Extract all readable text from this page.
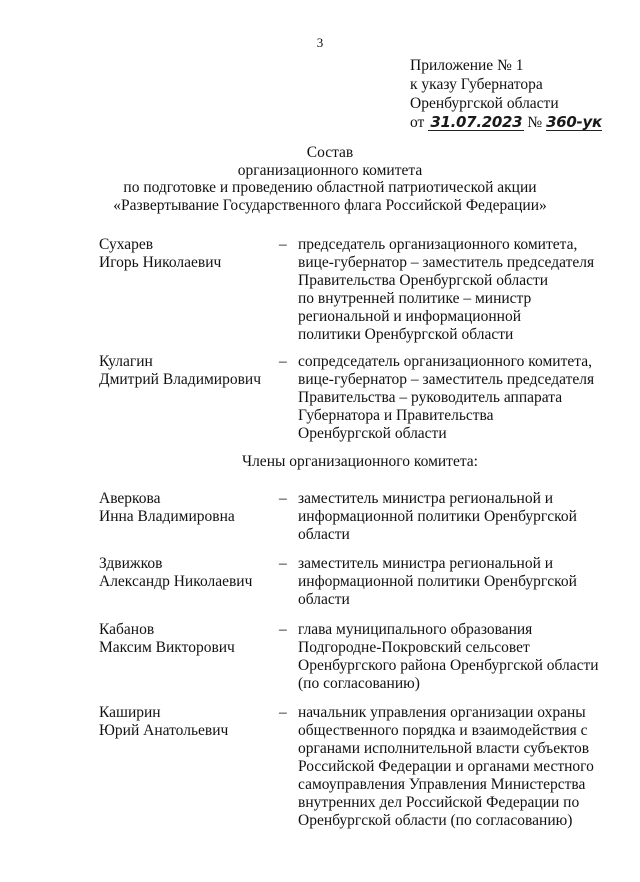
3
Приложение № 1
к указу Губернатора
Оренбургской области
от 31.07.2023 № 360-ук
Состав
организационного комитета
по подготовке и проведению областной патриотической акции
«Развертывание Государственного флага Российской Федерации»
Сухарев
Игорь Николаевич
– председатель организационного комитета,
вице-губернатор – заместитель председателя
Правительства Оренбургской области
по внутренней политике – министр
региональной и информационной
политики Оренбургской области
Кулагин
Дмитрий Владимирович
– сопредседатель организационного комитета,
вице-губернатор – заместитель председателя
Правительства – руководитель аппарата
Губернатора и Правительства
Оренбургской области
Члены организационного комитета:
Аверкова
Инна Владимировна
– заместитель министра региональной и
информационной политики Оренбургской
области
Здвижков
Александр Николаевич
– заместитель министра региональной и
информационной политики Оренбургской
области
Кабанов
Максим Викторович
– глава муниципального образования
Подгородне-Покровский сельсовет
Оренбургского района Оренбургской области
(по согласованию)
Каширин
Юрий Анатольевич
– начальник управления организации охраны
общественного порядка и взаимодействия с
органами исполнительной власти субъектов
Российской Федерации и органами местного
самоуправления Управления Министерства
внутренних дел Российской Федерации по
Оренбургской области (по согласованию)
